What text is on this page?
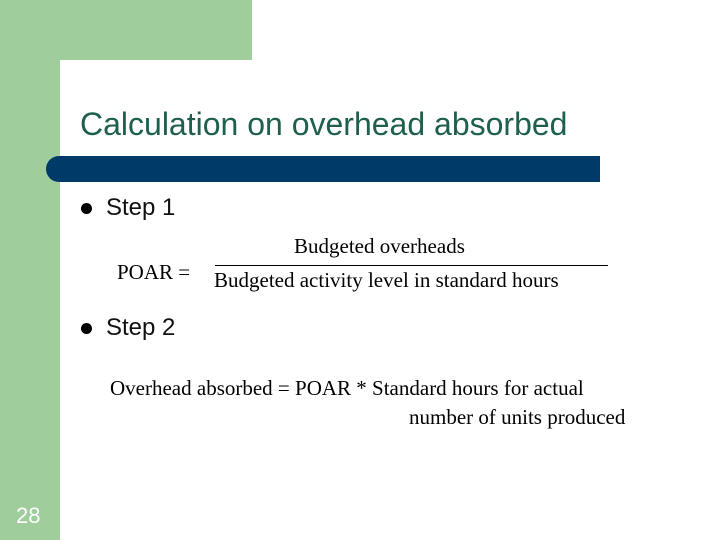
Calculation on overhead absorbed
Step 1
Budgeted overheads
POAR = Budgeted activity level in standard hours
Step 2
Overhead absorbed = POAR * Standard hours for actual
number of units produced
28
